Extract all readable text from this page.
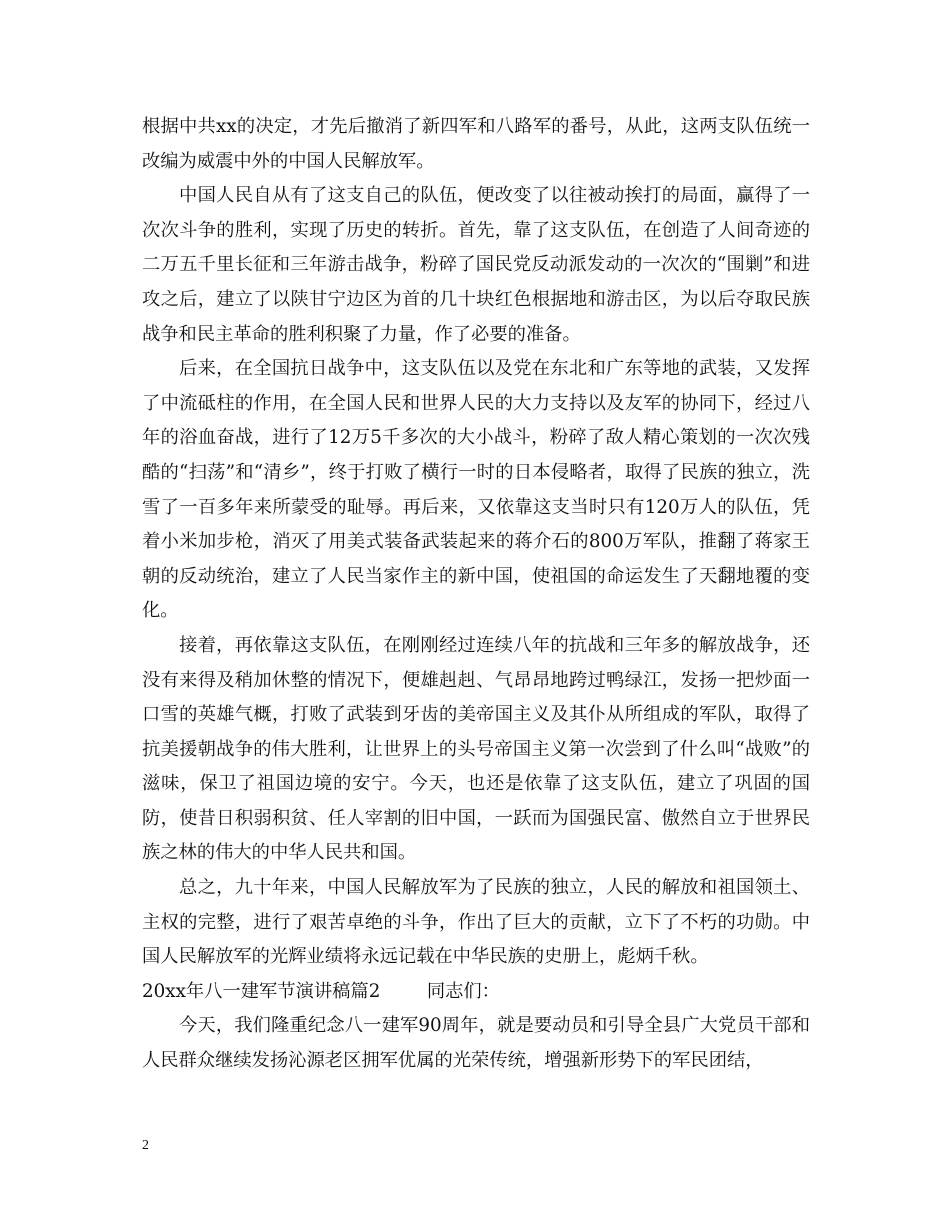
根据中共xx的决定，才先后撤消了新四军和八路军的番号，从此，这两支队伍统一改编为威震中外的中国人民解放军。

中国人民自从有了这支自己的队伍，便改变了以往被动挨打的局面，赢得了一次次斗争的胜利，实现了历史的转折。首先，靠了这支队伍，在创造了人间奇迹的二万五千里长征和三年游击战争，粉碎了国民党反动派发动的一次次的“围剿”和进攻之后，建立了以陕甘宁边区为首的几十块红色根据地和游击区，为以后夺取民族战争和民主革命的胜利积聚了力量，作了必要的准备。

后来，在全国抗日战争中，这支队伍以及党在东北和广东等地的武装，又发挥了中流砥柱的作用，在全国人民和世界人民的大力支持以及友军的协同下，经过八年的浴血奋战，进行了12万5千多次的大小战斗，粉碎了敌人精心策划的一次次残酷的“扫荡”和“清乡”，终于打败了横行一时的日本侵略者，取得了民族的独立，洗雪了一百多年来所蒙受的耻辱。再后来，又依靠这支当时只有120万人的队伍，凭着小米加步枪，消灭了用美式装备武装起来的蒋介石的800万军队，推翻了蒋家王朝的反动统治，建立了人民当家作主的新中国，使祖国的命运发生了天翻地覆的变化。

接着，再依靠这支队伍，在刚刚经过连续八年的抗战和三年多的解放战争，还没有来得及稍加休整的情况下，便雄赳赳、气昂昂地跨过鸭绿江，发扬一把炒面一口雪的英雄气概，打败了武装到牙齿的美帝国主义及其仆从所组成的军队，取得了抗美援朝战争的伟大胜利，让世界上的头号帝国主义第一次尝到了什么叫“战败”的滋味，保卫了祖国边境的安宁。今天，也还是依靠了这支队伍，建立了巩固的国防，使昔日积弱积贫、任人宰割的旧中国，一跃而为国强民富、傲然自立于世界民族之林的伟大的中华人民共和国。

总之，九十年来，中国人民解放军为了民族的独立，人民的解放和祖国领土、主权的完整，进行了艰苦卓绝的斗争，作出了巨大的贡献，立下了不朽的功勋。中国人民解放军的光辉业绩将永远记载在中华民族的史册上，彪炳千秋。

20xx年八一建军节演讲稿篇2	同志们：

今天，我们隆重纪念八一建军90周年，就是要动员和引导全县广大党员干部和人民群众继续发扬沁源老区拥军优属的光荣传统，增强新形势下的军民团结，

2
